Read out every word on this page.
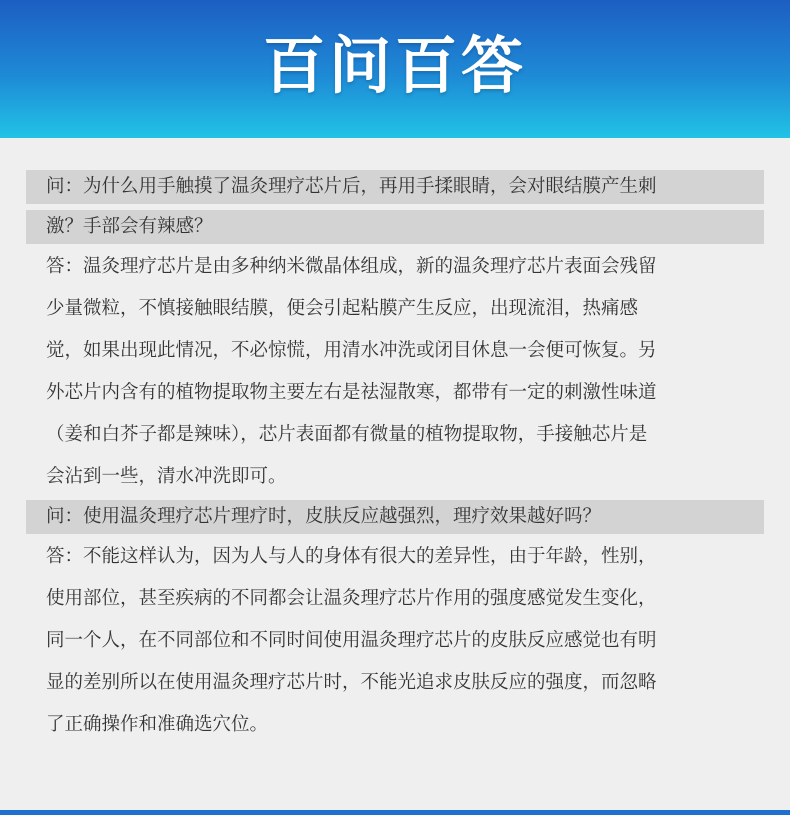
百问百答
问：为什么用手触摸了温灸理疗芯片后，再用手揉眼睛，会对眼结膜产生刺
激？手部会有辣感？
答：温灸理疗芯片是由多种纳米微晶体组成，新的温灸理疗芯片表面会残留
少量微粒，不慎接触眼结膜，便会引起粘膜产生反应，出现流泪，热痛感
觉，如果出现此情况，不必惊慌，用清水冲洗或闭目休息一会便可恢复。另
外芯片内含有的植物提取物主要左右是祛湿散寒，都带有一定的刺激性味道
（姜和白芥子都是辣味），芯片表面都有微量的植物提取物，手接触芯片是
会沾到一些，清水冲洗即可。
问：使用温灸理疗芯片理疗时，皮肤反应越强烈，理疗效果越好吗？
答：不能这样认为，因为人与人的身体有很大的差异性，由于年龄，性别，
使用部位，甚至疾病的不同都会让温灸理疗芯片作用的强度感觉发生变化，
同一个人，在不同部位和不同时间使用温灸理疗芯片的皮肤反应感觉也有明
显的差别所以在使用温灸理疗芯片时，不能光追求皮肤反应的强度，而忽略
了正确操作和准确选穴位。
